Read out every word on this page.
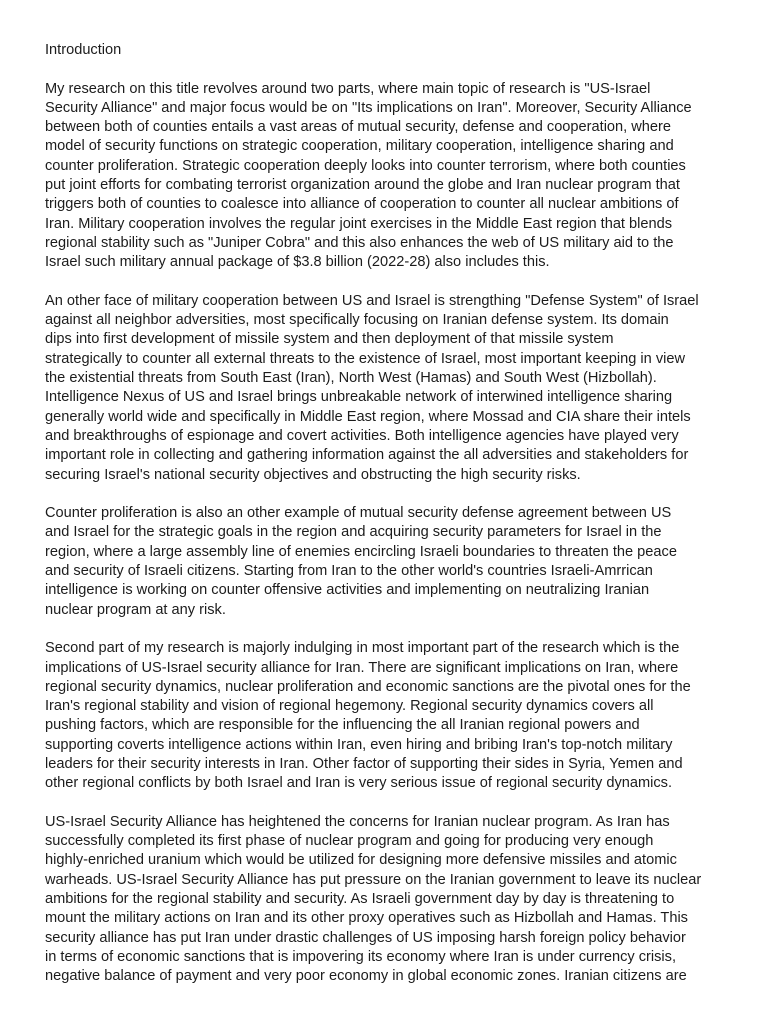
Introduction
My research on this title revolves around two parts, where main topic of research is "US-Israel
Security Alliance" and major focus would be on "Its implications on Iran". Moreover, Security Alliance
between both of counties entails a vast areas of mutual security, defense and cooperation, where
model of security functions on strategic cooperation, military cooperation, intelligence sharing and
counter proliferation. Strategic cooperation deeply looks into counter terrorism, where both counties
put joint efforts for combating terrorist organization around the globe and Iran nuclear program that
triggers both of counties to coalesce into alliance of cooperation to counter all nuclear ambitions of
Iran. Military cooperation involves the regular joint exercises in the Middle East region that blends
regional stability such as "Juniper Cobra" and this also enhances the web of US military aid to the
Israel such military annual package of $3.8 billion (2022-28) also includes this.
An other face of military cooperation between US and Israel is strengthing "Defense System" of Israel
against all neighbor adversities, most specifically focusing on Iranian defense system. Its domain
dips into first development of missile system and then deployment of that missile system
strategically to counter all external threats to the existence of Israel, most important keeping in view
the existential threats from South East (Iran), North West (Hamas) and South West (Hizbollah).
Intelligence Nexus of US and Israel brings unbreakable network of interwined intelligence sharing
generally world wide and specifically in Middle East region, where Mossad and CIA share their intels
and breakthroughs of espionage and covert activities. Both intelligence agencies have played very
important role in collecting and gathering information against the all adversities and stakeholders for
securing Israel's national security objectives and obstructing the high security risks.
Counter proliferation is also an other example of mutual security defense agreement between US
and Israel for the strategic goals in the region and acquiring security parameters for Israel in the
region, where a large assembly line of enemies encircling Israeli boundaries to threaten the peace
and security of Israeli citizens. Starting from Iran to the other world's countries Israeli-Amrrican
intelligence is working on counter offensive activities and implementing on neutralizing Iranian
nuclear program at any risk.
Second part of my research is majorly indulging in most important part of the research which is the
implications of US-Israel security alliance for Iran. There are significant implications on Iran, where
regional security dynamics, nuclear proliferation and economic sanctions are the pivotal ones for the
Iran's regional stability and vision of regional hegemony. Regional security dynamics covers all
pushing factors, which are responsible for the influencing the all Iranian regional powers and
supporting coverts intelligence actions within Iran, even hiring and bribing Iran's top-notch military
leaders for their security interests in Iran. Other factor of supporting their sides in Syria, Yemen and
other regional conflicts by both Israel and Iran is very serious issue of regional security dynamics.
US-Israel Security Alliance has heightened the concerns for Iranian nuclear program. As Iran has
successfully completed its first phase of nuclear program and going for producing very enough
highly-enriched uranium which would be utilized for designing more defensive missiles and atomic
warheads. US-Israel Security Alliance has put pressure on the Iranian government to leave its nuclear
ambitions for the regional stability and security. As Israeli government day by day is threatening to
mount the military actions on Iran and its other proxy operatives such as Hizbollah and Hamas. This
security alliance has put Iran under drastic challenges of US imposing harsh foreign policy behavior
in terms of economic sanctions that is impovering its economy where Iran is under currency crisis,
negative balance of payment and very poor economy in global economic zones. Iranian citizens are
